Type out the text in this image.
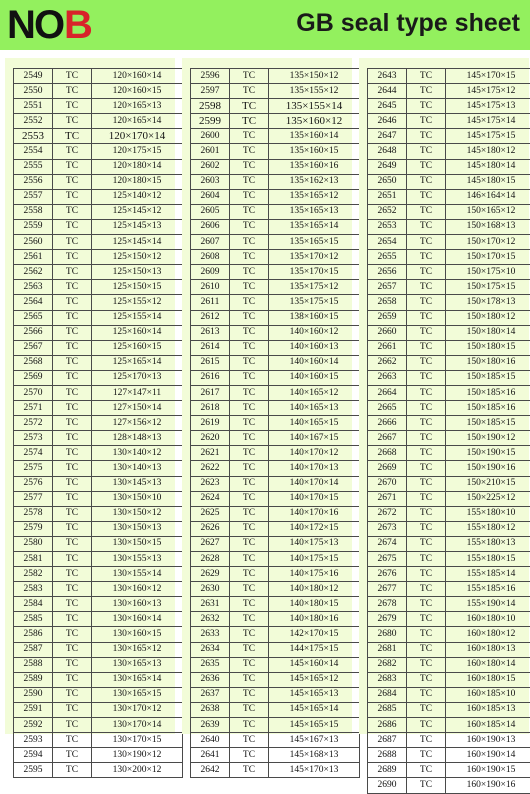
N
O
B	GB seal type sheet
2549	TC	120×160×14
2550	TC	120×160×15
2551	TC	120×165×13
2552	TC	120×165×14
2553	TC	120×170×14
2554	TC	120×175×15
2555	TC	120×180×14
2556	TC	120×180×15
2557	TC	125×140×12
2558	TC	125×145×12
2559	TC	125×145×13
2560	TC	125×145×14
2561	TC	125×150×12
2562	TC	125×150×13
2563	TC	125×150×15
2564	TC	125×155×12
2565	TC	125×155×14
2566	TC	125×160×14
2567	TC	125×160×15
2568	TC	125×165×14
2569	TC	125×170×13
2570	TC	127×147×11
2571	TC	127×150×14
2572	TC	127×156×12
2573	TC	128×148×13
2574	TC	130×140×12
2575	TC	130×140×13
2576	TC	130×145×13
2577	TC	130×150×10
2578	TC	130×150×12
2579	TC	130×150×13
2580	TC	130×150×15
2581	TC	130×155×13
2582	TC	130×155×14
2583	TC	130×160×12
2584	TC	130×160×13
2585	TC	130×160×14
2586	TC	130×160×15
2587	TC	130×165×12
2588	TC	130×165×13
2589	TC	130×165×14
2590	TC	130×165×15
2591	TC	130×170×12
2592	TC	130×170×14
2593	TC	130×170×15
2594	TC	130×190×12
2595	TC	130×200×12
2596	TC	135×150×12
2597	TC	135×155×12
2598	TC	135×155×14
2599	TC	135×160×12
2600	TC	135×160×14
2601	TC	135×160×15
2602	TC	135×160×16
2603	TC	135×162×13
2604	TC	135×165×12
2605	TC	135×165×13
2606	TC	135×165×14
2607	TC	135×165×15
2608	TC	135×170×12
2609	TC	135×170×15
2610	TC	135×175×12
2611	TC	135×175×15
2612	TC	138×160×15
2613	TC	140×160×12
2614	TC	140×160×13
2615	TC	140×160×14
2616	TC	140×160×15
2617	TC	140×165×12
2618	TC	140×165×13
2619	TC	140×165×15
2620	TC	140×167×15
2621	TC	140×170×12
2622	TC	140×170×13
2623	TC	140×170×14
2624	TC	140×170×15
2625	TC	140×170×16
2626	TC	140×172×15
2627	TC	140×175×13
2628	TC	140×175×15
2629	TC	140×175×16
2630	TC	140×180×12
2631	TC	140×180×15
2632	TC	140×180×16
2633	TC	142×170×15
2634	TC	144×175×15
2635	TC	145×160×14
2636	TC	145×165×12
2637	TC	145×165×13
2638	TC	145×165×14
2639	TC	145×165×15
2640	TC	145×167×13
2641	TC	145×168×13
2642	TC	145×170×13
2643	TC	145×170×15
2644	TC	145×175×12
2645	TC	145×175×13
2646	TC	145×175×14
2647	TC	145×175×15
2648	TC	145×180×12
2649	TC	145×180×14
2650	TC	145×180×15
2651	TC	146×164×14
2652	TC	150×165×12
2653	TC	150×168×13
2654	TC	150×170×12
2655	TC	150×170×15
2656	TC	150×175×10
2657	TC	150×175×15
2658	TC	150×178×13
2659	TC	150×180×12
2660	TC	150×180×14
2661	TC	150×180×15
2662	TC	150×180×16
2663	TC	150×185×15
2664	TC	150×185×16
2665	TC	150×185×16
2666	TC	150×185×15
2667	TC	150×190×12
2668	TC	150×190×15
2669	TC	150×190×16
2670	TC	150×210×15
2671	TC	150×225×12
2672	TC	155×180×10
2673	TC	155×180×12
2674	TC	155×180×13
2675	TC	155×180×15
2676	TC	155×185×14
2677	TC	155×185×16
2678	TC	155×190×14
2679	TC	160×180×10
2680	TC	160×180×12
2681	TC	160×180×13
2682	TC	160×180×14
2683	TC	160×180×15
2684	TC	160×185×10
2685	TC	160×185×13
2686	TC	160×185×14
2687	TC	160×190×13
2688	TC	160×190×14
2689	TC	160×190×15
2690	TC	160×190×16
